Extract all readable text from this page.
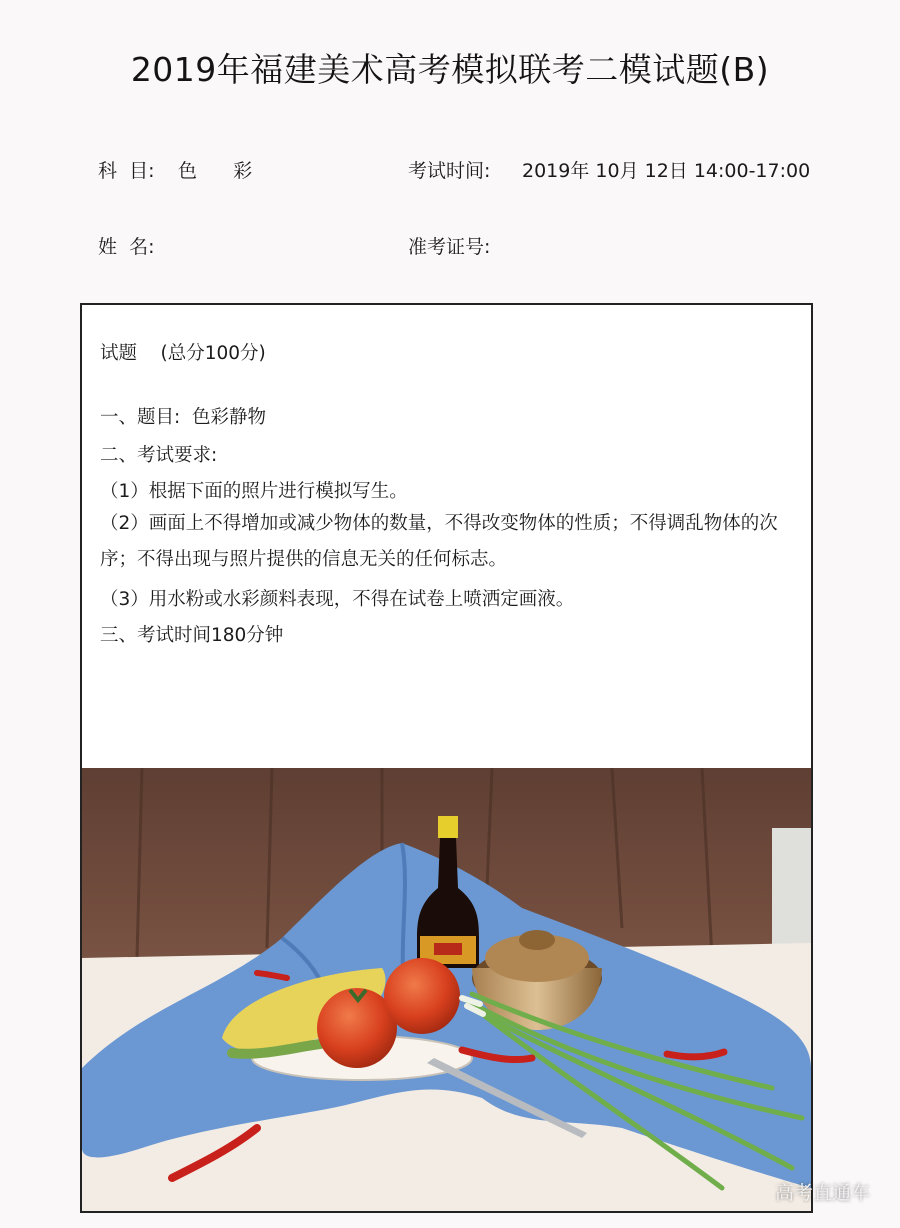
2019年福建美术高考模拟联考二模试题(B)
科  目: 色      彩	考试时间: 2019年 10月 12日 14:00-17:00
姓  名:	准考证号:
试题    (总分100分)
一、题目:  色彩静物
二、考试要求:
（1）根据下面的照片进行模拟写生。
（2）画面上不得增加或减少物体的数量，不得改变物体的性质；不得调乱物体的次序；不得出现与照片提供的信息无关的任何标志。
（3）用水粉或水彩颜料表现，不得在试卷上喷洒定画液。
三、考试时间180分钟
高考直通车
